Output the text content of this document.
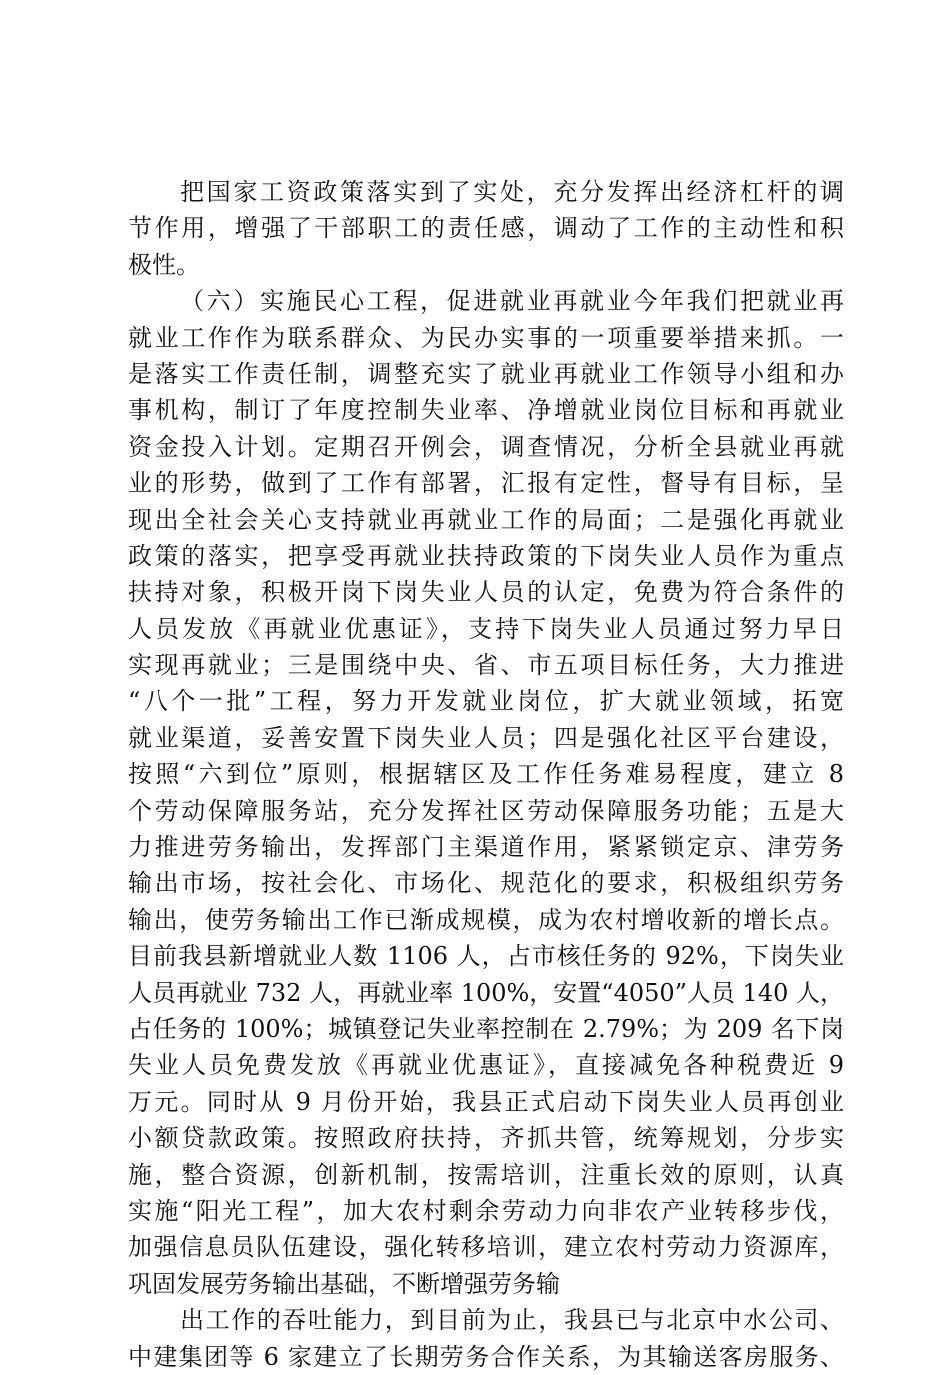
把国家工资政策落实到了实处，充分发挥出经济杠杆的调
节作用，增强了干部职工的责任感，调动了工作的主动性和积
极性。
（六）实施民心工程，促进就业再就业今年我们把就业再
就业工作作为联系群众、为民办实事的一项重要举措来抓。一
是落实工作责任制，调整充实了就业再就业工作领导小组和办
事机构，制订了年度控制失业率、净增就业岗位目标和再就业
资金投入计划。定期召开例会，调查情况，分析全县就业再就
业的形势，做到了工作有部署，汇报有定性，督导有目标，呈
现出全社会关心支持就业再就业工作的局面；二是强化再就业
政策的落实，把享受再就业扶持政策的下岗失业人员作为重点
扶持对象，积极开岗下岗失业人员的认定，免费为符合条件的
人员发放《再就业优惠证》，支持下岗失业人员通过努力早日
实现再就业；三是围绕中央、省、市五项目标任务，大力推进
“八个一批”工程，努力开发就业岗位，扩大就业领域，拓宽
就业渠道，妥善安置下岗失业人员；四是强化社区平台建设，
按照“六到位”原则，根据辖区及工作任务难易程度，建立 8
个劳动保障服务站，充分发挥社区劳动保障服务功能；五是大
力推进劳务输出，发挥部门主渠道作用，紧紧锁定京、津劳务
输出市场，按社会化、市场化、规范化的要求，积极组织劳务
输出，使劳务输出工作已渐成规模，成为农村增收新的增长点。
目前我县新增就业人数 1106 人，占市核任务的 92%，下岗失业
人员再就业 732 人，再就业率 100%，安置“4050”人员 140 人，
占任务的 100%；城镇登记失业率控制在 2.79%；为 209 名下岗
失业人员免费发放《再就业优惠证》，直接减免各种税费近 9
万元。同时从 9 月份开始，我县正式启动下岗失业人员再创业
小额贷款政策。按照政府扶持，齐抓共管，统筹规划，分步实
施，整合资源，创新机制，按需培训，注重长效的原则，认真
实施“阳光工程”，加大农村剩余劳动力向非农产业转移步伐，
加强信息员队伍建设，强化转移培训，建立农村劳动力资源库，
巩固发展劳务输出基础，不断增强劳务输
出工作的吞吐能力，到目前为止，我县已与北京中水公司、
中建集团等 6 家建立了长期劳务合作关系，为其输送客房服务、
